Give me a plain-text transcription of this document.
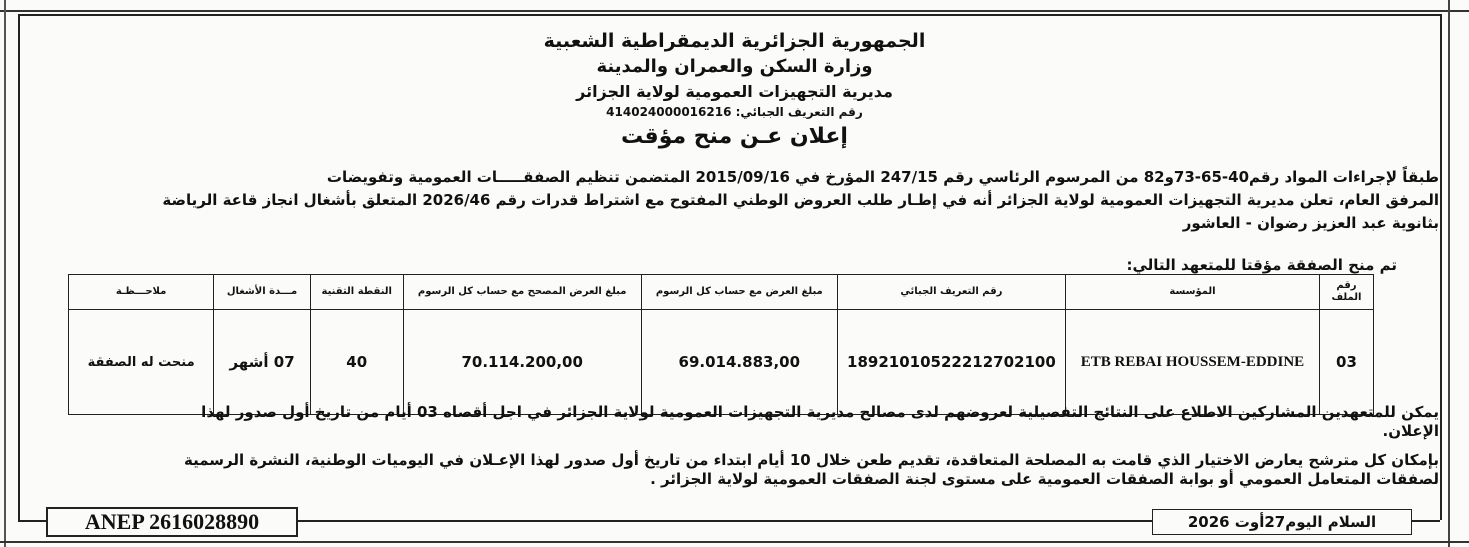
الجمهورية الجزائرية الديمقراطية الشعبية
وزارة السكن والعمران والمدينة
مديرية التجهيزات العمومية لولاية الجزائر
رقم التعريف الجبائي: 414024000016216
إعلان عـن منح مؤقت
طبقاً لإجراءات المواد رقم40-65-73و82 من المرسوم الرئاسي رقم 247/15 المؤرخ في 2015/09/16 المتضمن تنظيم الصفقـــــات العمومية وتفويضات
المرفق العام، تعلن مديرية التجهيزات العمومية لولاية الجزائر أنه في إطـار طلب العروض الوطني المفتوح مع اشتراط قدرات رقم 2026/46 المتعلق بأشغال انجاز قاعة الرياضة
بثانوية عبد العزيز رضوان - العاشور
تم منح الصفقة مؤقتا للمتعهد التالي:
رقم الملف	المؤسسة	رقم التعريف الجبائي	مبلغ العرض مع حساب كل الرسوم	مبلغ العرض المصحح مع حساب كل الرسوم	النقطة التقنية	مـــدة الأشغال	ملاحـــظـة
03	ETB REBAI HOUSSEM-EDDINE	18921010522212702100	69.014.883,00	70.114.200,00	40	07 أشهر	منحت له الصفقة
يمكن للمتعهدين المشاركين الاطلاع على النتائج التفصيلية لعروضهم لدى مصالح مديرية التجهيزات العمومية لولاية الجزائر في اجل أقصاه 03 أيام من تاريخ أول صدور لهذا
الإعلان.
بإمكان كل مترشح يعارض الاختيار الذي قامت به المصلحة المتعاقدة، تقديم طعن خلال 10 أيام ابتداء من تاريخ أول صدور لهذا الإعـلان في اليوميات الوطنية، النشرة الرسمية
لصفقات المتعامل العمومي أو بوابة الصفقات العمومية على مستوى لجنة الصفقات العمومية لولاية الجزائر .
ANEP 2616028890	السلام اليوم27أوت 2026
